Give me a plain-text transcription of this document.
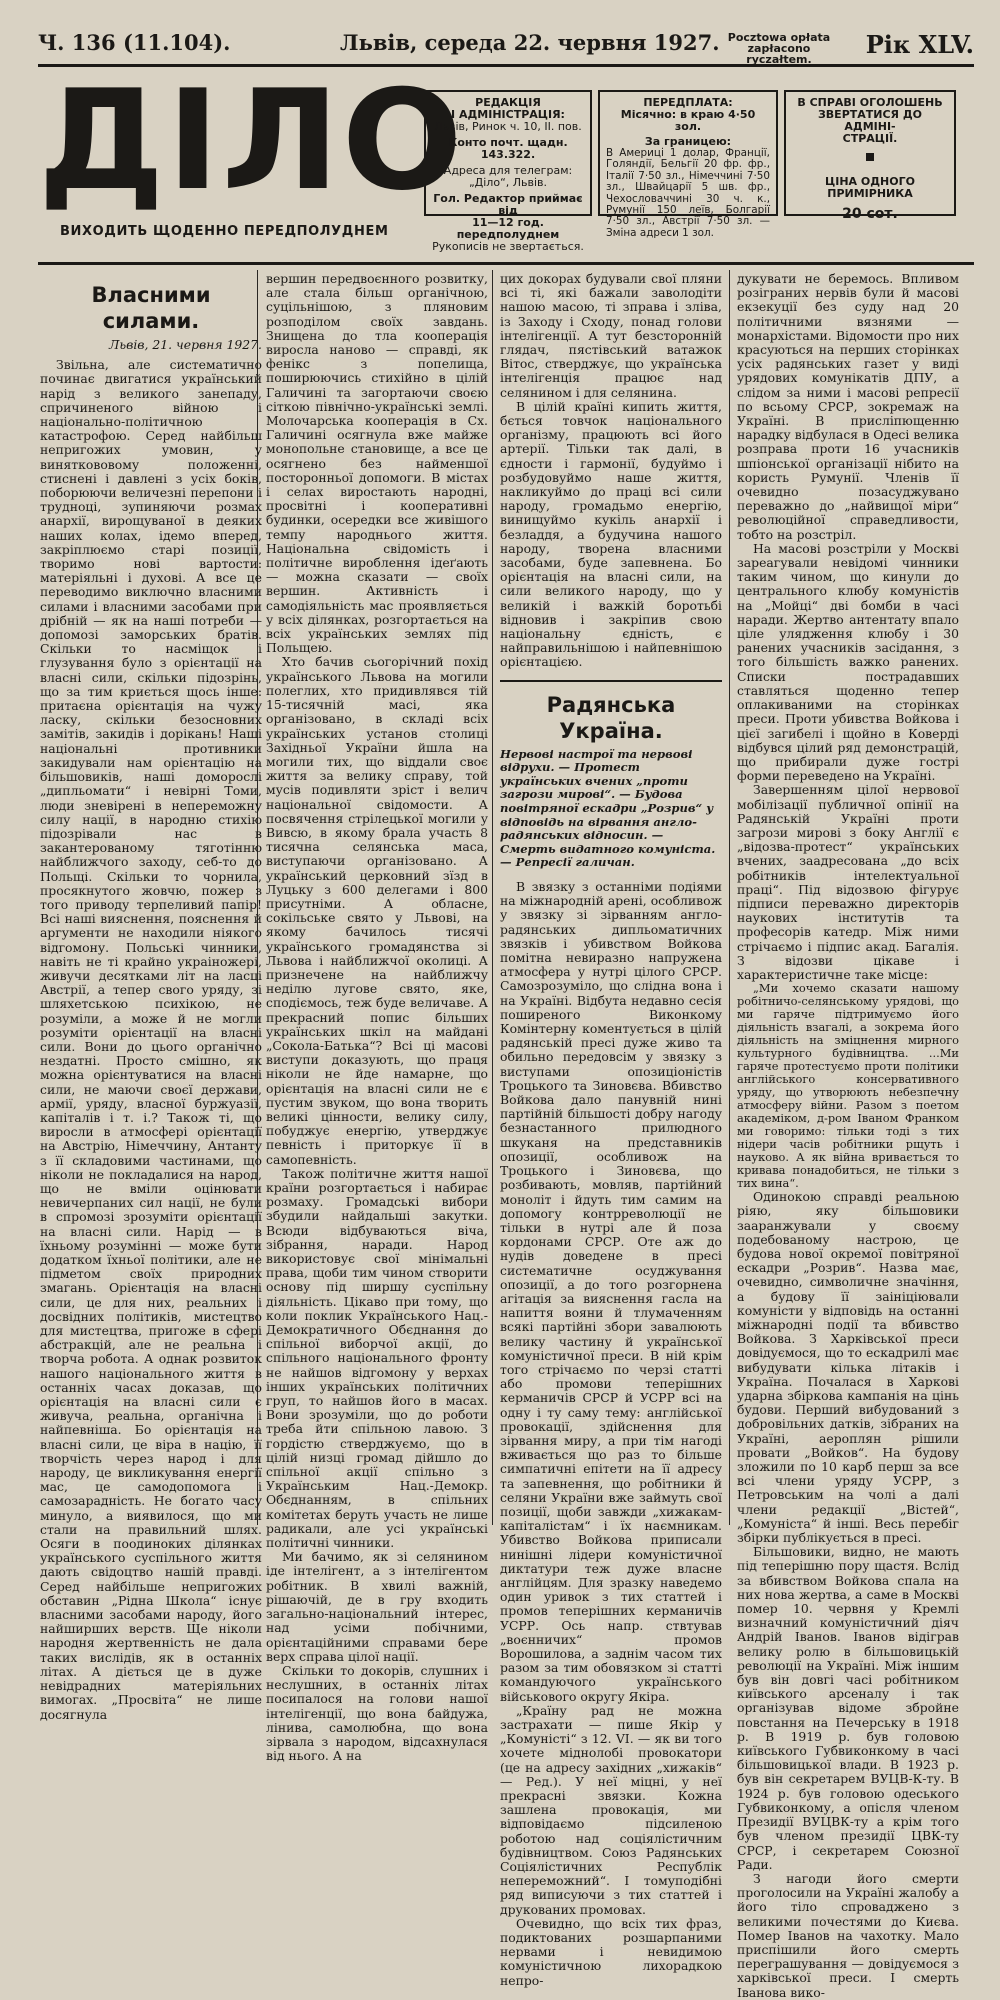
Ч. 136 (11.104).	Львів, середа 22. червня 1927. Pocztowa opłata
zapłacono ryczałtem.
Рік XLV.
ДІЛО
ВИХОДИТЬ ЩОДЕННО ПЕРЕДПОЛУДНЕМ
РЕДАКЦІЯ
І АДМІНІСТРАЦІЯ:
Львів, Ринок ч. 10, II. пов.
Конто почт. щадн. 143.322.
Адреса для телеграм:
„Діло“, Львів.
Гол. Редактор приймає від
11—12 год. передполуднем
Рукописів не звертається.
ПЕРЕДПЛАТА:
Місячно: в краю 4·50 зол.
За границею:
В Америці 1 долар, Франції, Голяндії, Бельгії 20 фр. фр., Італії 7·50 зл., Німеччині 7·50 зл., Швайцарії 5 шв. фр., Чехословаччині 30 ч. к., Румунії 150 леїв, Болгарії 7·50 зл., Австрії 7·50 зл. — Зміна адреси 1 зол.
В СПРАВІ ОГОЛОШЕНЬ
ЗВЕРТАТИСЯ ДО АДМІНІ-
СТРАЦІЇ.
ЦІНА ОДНОГО ПРИМІРНИКА
20 сот.
Власними силами.
Львів, 21. червня 1927.

Звільна, але систематично починає двигатися український нарід з великого занепаду, спричиненого війною і національно-політичною катастрофою. Серед найбільш непригожих умовин, у виняткововому положенні, стиснені і давлені з усіх боків, поборюючи величезні перепони і трудноці, зупиняючи розмах анархії, вирощуваної в деяких наших колах, ідемо вперед, закріплюємо старі позиції, творимо нові вартости: матеріяльні і духові. А все це переводимо виключно власними силами і власними засобами при дрібній — як на наші потреби — допомозі заморських братів. Скільки то насміщок і глузування було з орієнтації на власні сили, скільки підозрінь, що за тим криється щось інше: притаєна орієнтація на чужу ласку, скільки безосновних замітів, закидів і дорікань! Наші національні противники закидували нам орієнтацію на більшовиків, наші доморослі „дипльомати“ і невірні Томи, люди зневірені в непереможну силу нації, в народню стихію підозрівали нас в закантерованому тяготінню найближчого заходу, себ-то до Польщі. Скільки то чорнила, просякнутого жовчю, пожер з того приводу терпеливий папір! Всі наші вияснення, пояснення й аргументи не находили ніякого відгомону. Польські чинники, навіть не ті крайно украіножері, живучи десятками літ на ласці Австрії, а тепер свого уряду, зі шляхетською психікою, не розуміли, а може й не могли розуміти орієнтації на власні сили. Вони до цього органічно нездатні. Просто смішно, як можна орієнтуватися на власні сили, не маючи своєї держави, армії, уряду, власної буржуазії, капіталів і т. і.? Також ті, що виросли в атмосфері орієнтації на Австрію, Німеччину, Антанту з її складовими частинами, що ніколи не покладалися на народ, що не вміли оцінювати невичерпаних сил нації, не були в спромозі зрозуміти орієнтації на власні сили. Нарід — в їхньому розумінні — може бути додатком їхньої політики, але не підметом своїх природних змагань. Орієнтація на власні сили, це для них, реальних і досвідних політиків, мистецтво для мистецтва, пригоже в сфері абстракцій, але не реальна і творча робота. А однак розвиток нашого національного життя в останніх часах доказав, що орієнтація на власні сили є живуча, реальна, органічна і найпевніша. Бо орієнтація на власні сили, це віра в націю, її творчість через народ і для народу, це викликування енергії мас, це самодопомога і самозарадність. Не богато часу минуло, а виявилося, що ми стали на правильний шлях. Осяги в поодиноких ділянках українського суспільного життя дають свідоцтво нашій правді. Серед найбільше непригожих обставин „Рідна Школа“ існує власними засобами народу, його найширших верств. Ще ніколи народня жертвенність не дала таких вислідів, як в останніх літах. А діється це в дуже невідрадних матеріяльних вимогах. „Просвіта“ не лише досягнула

вершин передвоєнного розвитку, але стала більш органічною, суцільнішою, з пляновим розподілом своїх завдань. Знищена до тла кооперація виросла наново — справді, як фенікс з попелища, поширюючись стихійно в цілій Галичині та загортаючи своєю сіткою північно-українські землі. Молочарська кооперація в Сх. Галичині осягнула вже майже монопольне становище, а все це осягнено без найменшої посторонньої допомоги. В містах і селах виростають народні, просвітні і кооперативні будинки, осередки все живішого темпу народнього життя. Національна свідомість і політичне вироблення ідеґають — можна сказати — своїх вершин. Активність і самодіяльність мас проявляється у всіх ділянках, розгортається на всіх українських землях під Польщею.

Хто бачив сьогорічний похід українського Львова на могили полеглих, хто придивлявся тій 15-тисячній масі, яка організовано, в складі всіх українських установ столиці Західньої України йшла на могили тих, що віддали своє життя за велику справу, той мусів подивляти зріст і велич національної свідомости. А посвячення стрілецької могили у Вивсю, в якому брала участь 8 тисячна селянська маса, виступаючи організовано. А український церковний зїзд в Луцьку з 600 делегами і 800 присутніми. А обласне, сокільське свято у Львові, на якому бачилось тисячі українського громадянства зі Львова і найближчої околиці. А признечене на найближчу неділю лугове свято, яке, сподіємось, теж буде величаве. А прекрасний попис більших українських шкіл на майдані „Сокола-Батька“? Всі ці масові виступи доказують, що праця ніколи не йде намарне, що орієнтація на власні сили не є пустим звуком, що вона творить великі цінности, велику силу, побуджує енергію, утверджує певність і приторкує її в самопевність.

Також політичне життя нашої країни розгортається і набирає розмаху. Громадські вибори збудили найдальші закутки. Всюди відбуваються віча, зібрання, наради. Народ використовує свої мінімальні права, щоби тим чином створити основу під ширшу суспільну діяльність. Цікаво при тому, що коли поклик Українського Нац.-Демократичного Обєднання до спільної виборчої акції, до спільного національного фронту не найшов відгомону у верхах інших українських політичних груп, то найшов його в масах. Вони зрозуміли, що до роботи треба йти спільною лавою. З гордістю стверджуємо, що в цілій низці громад дійшло до спільної акції спільно з Українським Нац.-Демокр. Обєднанням, в спільних комітетах беруть участь не лише радикали, але усі українські політичні чинники.

Ми бачимо, як зі селянином іде інтелігент, а з інтелігентом робітник. В хвилі важній, рішаючій, де в гру входить загально-національний інтерес, над усіми побічними, орієнтаційними справами бере верх справа цілої нації.

Скільки то докорів, слушних і неслушних, в останніх літах посипалося на голови нашої інтелігенції, що вона байдужа, лінива, самолюбна, що вона зірвала з народом, відсахнулася від нього. А на

цих докорах будували свої пляни всі ті, які бажали заволодіти нашою масою, ті зправа і зліва, із Заходу і Сходу, понад голови інтелігенції. А тут безсторонній глядач, пястівський ватажок Вітос, стверджує, що українська інтелігенція працює над селянином і для селянина.

В цілій країні кипить життя, бється товчок національного організму, працюють всі його артерії. Тільки так далі, в єдности і гармонії, будуймо і розбудовуймо наше життя, накликуймо до праці всі сили народу, громадьмо енергію, винищуймо кукіль анархії і безладдя, а будучина нашого народу, творена власними засобами, буде запевнена. Бо орієнтація на власні сили, на сили великого народу, що у великій і важкій боротьбі відновив і закріпив свою національну єдність, є найправильнішою і найпевнішою орієнтацією.

Радянська Україна.
Нервові настрої та нервові відрухи. — Протест українських вчених „проти загрози мирові“. — Будова повітряної ескадри „Розрив“ у відповідь на вірвання англо-радянських відносин. — Смерть видатного комуніста. — Репресії галичан.

В звязку з останніми подіями на міжнародній арені, особливож у звязку зі зірванням англо-радянських дипльоматичних звязків і убивством Войкова помітна невиразно напружена атмосфера у нутрі цілого СРСР. Самозрозуміло, що слідна вона і на Україні. Відбута недавно сесія поширеного Виконкому Комінтерну коментується в цілій радянській пресі дуже живо та обильно передовсім у звязку з виступами опозиціоністів Троцького та Зиновєва. Вбивство Войкова дало панувній нині партійній більшості добру нагоду безнастанного прилюдного шкуканя на представників опозиції, особливож на Троцького і Зиновєва, що розбивають, мовляв, партійний моноліт і йдуть тим самим на допомогу контрреволюції не тільки в нутрі але й поза кордонами СРСР. Оте аж до нудів доведене в пресі систематичне осуджування опозиції, а до того розгорнена агітація за вияснення гасла на напиття вояни й тлумаченням всякі партійні збори завалюють велику частину й української комуністичної преси. В ній крім того стрічаємо по черзі статті або промови теперішних керманичів СРСР й УСРР всі на одну і ту саму тему: англійської провокації, здійснення для зірвання миру, а при тім нагоді вживається що раз то більше симпатичні епітети на її адресу та запевнення, що робітники й селяни України вже займуть свої позиції, щоби завжди „хижакам-капіталістам“ і їх наємникам. Убивство Войкова приписали нинішні лідери комуністичної диктатури теж дуже власне англійцям. Для зразку наведемо один уривок з тих статтей і промов теперішних керманичів УСРР. Ось напр. ствтував „воєнничих“ промов Ворошилова, а заднім часом тих разом за тим обовязком зі статті командуючого українського військового округу Якіра.

„Країну рад не можна застрахати — пише Якір у „Комуністі“ з 12. VI. — як ви того хочете міднолобі провокатори (це на адресу західних „хижаків“ — Ред.). У неї міцні, у неї прекрасні звязки. Кожна зашлена провокація, ми відповідаємо підсиленою роботою над соціялістичним будівництвом. Союз Радянських Соціялістичних Республік непереможний“. І томуподібні ряд виписуючи з тих статтей і друкованих промовах.

Очевидно, що всіх тих фраз, подиктованих розшарпаними нервами і невидимою комуністичною лихорадкою непро-

дукувати не беремось. Впливом розіграних нервів були й масові екзекуції без суду над 20 політичними вязнями — монархістами. Відомости про них красуються на перших сторінках усіх радянських газет у виді урядових комунікатів ДПУ, а слідом за ними і масові репресії по всьому СРСР, зокремаж на Україні. В присліпющенню нарадку відбулася в Одесі велика розправа проти 16 учасників шпіонської організації нібито на користь Румунії. Членів її очевидно позасуджувано переважно до „найвищої міри“ революційної справедливости, тобто на розстріл.

На масові розстріли у Москві зареагували невідомі чинники таким чином, що кинули до центрального клюбу комуністів на „Мойці“ дві бомби в часі наради. Жертво антентату впало ціле улядження клюбу і 30 ранених учасників засідання, з того більшість важко ранених. Списки пострадавших ставляться щоденно тепер оплакиваними на сторінках преси. Проти убивства Войкова і цієї загибелі і щойно в Коверді відбувся цілий ряд демонстрацій, що прибирали дуже гострі форми переведено на Україні.

Завершенням цілої нервової мобілізації публичної опінії на Радянській Україні проти загрози мирові з боку Англії є „відозва-протест“ українських вчених, заадресована „до всіх робітників інтелектуальної праці“. Під відозвою фігурує підписи переважно директорів наукових інститутів та професорів катедр. Між ними стрічаємо і підпис акад. Багалія. З відозви цікаве і характеристичне таке місце:

„Ми хочемо сказати нашому робітничо-селянському урядові, що ми гаряче підтримуємо його діяльність взагалі, а зокрема його діяльність на зміцнення мирного культурного будівництва. ...Ми гаряче протестуємо проти політики англійського консервативного уряду, що утворюють небезпечну атмосферу війни. Разом з поетом академіком, д-ром Іваном Франком ми говоримо: тільки тоді з тих нідери часів робітники рщуть і науково. А як війна вривається то кривава понадобиться, не тільки з тих вина“.

Одинокою справді реальною ріяю, яку більшовики зааранжували у своєму подебованому настрою, це будова нової окремої повітряної ескадри „Розрив“. Назва має, очевидно, символичне значіння, а будову її заініціювали комуністи у відповідь на останні міжнародні події та вбивство Войкова. З Харківської преси довідуємося, що то ескадрилі має вибудувати кількa літаків і Україна. Почалася в Харкові ударна збіркова кампанія на цінь будови. Перший вибудований з добровільних датків, зібраних на Україні, аероплян рішили провати „Войков“. На будову зложили по 10 карб перш за все всі члени уряду УСРР, з Петровським на чолі а далі члени редакції „Вістей“, „Комуніста“ й інші. Весь перебіг збірки публікується в пресі.

Більшовики, видно, не мають під теперішню пору щастя. Вслід за вбивством Войкова спала на них нова жертва, а саме в Москві помер 10. червня у Кремлі визначний комуністичний діяч Андрій Іванов. Іванов відіграв велику ролю в більшовицькій революції на Україні. Між іншим був він довгі часі робітником київського арсеналу і так організував відоме збройне повстання на Печерську в 1918 р. В 1919 р. був головою київського Губвиконкому в часі більшовицької влади. В 1923 р. був він секретарем ВУЦВ-К-ту. В 1924 р. був головою одеського Губвиконкому, а опісля членом Президії ВУЦВК-ту а крім того був членом президії ЦВК-ту СРСР, і секретарем Союзної Ради.

З нагоди його смерти проголосили на Україні жалобу а його тіло спроваджено з великими почестями до Києва. Помер Іванов на чахотку. Мало приспішили його смерть переграшування — довідуємося з харківської преси. І смерть Іванова вико-
